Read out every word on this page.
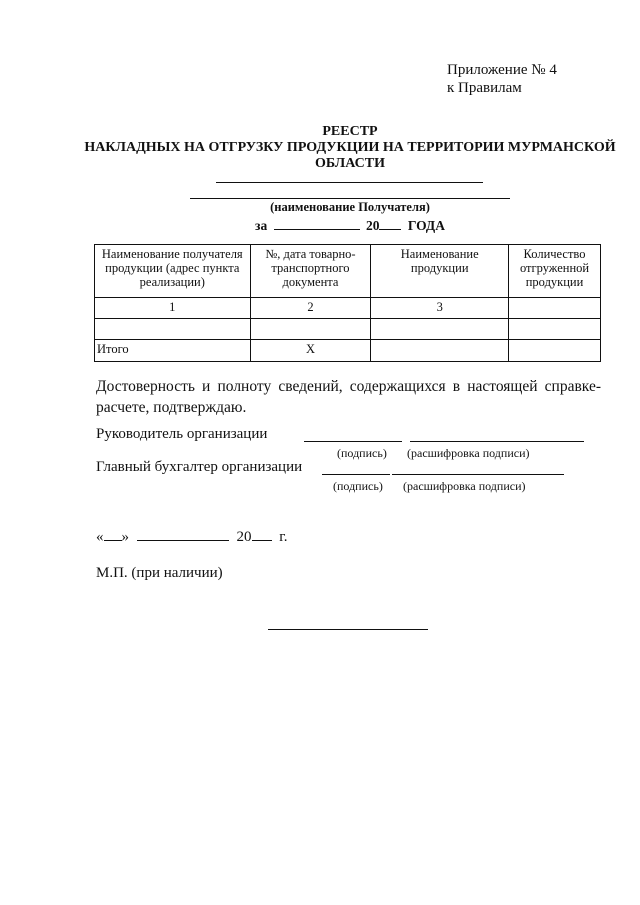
Приложение № 4
к Правилам
РЕЕСТР
НАКЛАДНЫХ НА ОТГРУЗКУ ПРОДУКЦИИ НА ТЕРРИТОРИИ МУРМАНСКОЙ
ОБЛАСТИ
(наименование Получателя)
за	20 ГОДА
Наименование получателя продукции (адрес пункта реализации)	№, дата товарно-транспортного документа	Наименование продукции	Количество отгруженной продукции
1	2	3	

Итого	Х		
Достоверность и полноту сведений, содержащихся в настоящей справке-расчете, подтверждаю.
Руководитель организации
(подпись) (расшифровка подписи)
Главный бухгалтер организации
(подпись) (расшифровка подписи)
« »	20 г.
М.П. (при наличии)
